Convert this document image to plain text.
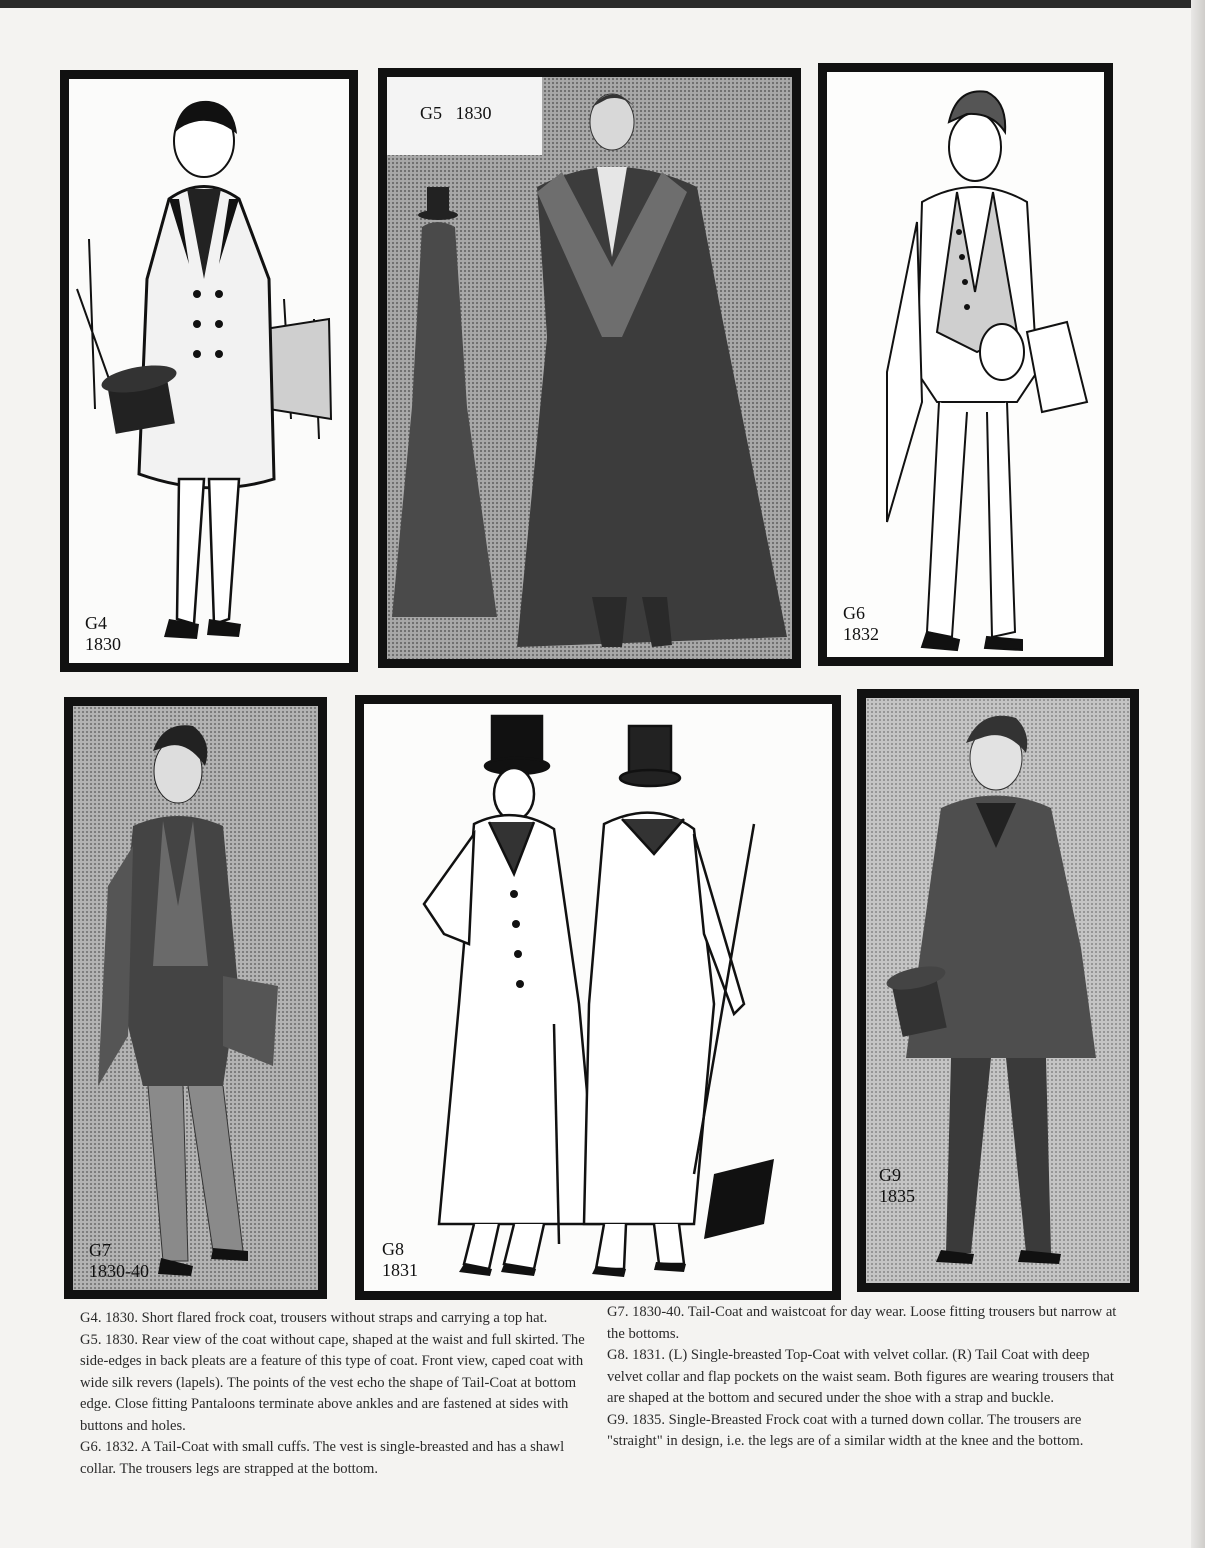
G4
1830
G5 1830
G6
1832
G7
1830-40
G8
1831
G9
1835

G4. 1830. Short flared frock coat, trousers without straps and carrying a top hat.

G5. 1830. Rear view of the coat without cape, shaped at the waist and full skirted. The side-edges in back pleats are a feature of this type of coat. Front view, caped coat with wide silk revers (lapels). The points of the vest echo the shape of Tail-Coat at bottom edge. Close fitting Pantaloons terminate above ankles and are fastened at sides with buttons and holes.

G6. 1832. A Tail-Coat with small cuffs. The vest is single-breasted and has a shawl collar. The trousers legs are strapped at the bottom.

G7. 1830-40. Tail-Coat and waistcoat for day wear. Loose fitting trousers but narrow at the bottoms.

G8. 1831. (L) Single-breasted Top-Coat with velvet collar. (R) Tail Coat with deep velvet collar and flap pockets on the waist seam. Both figures are wearing trousers that are shaped at the bottom and secured under the shoe with a strap and buckle.

G9. 1835. Single-Breasted Frock coat with a turned down collar. The trousers are "straight" in design, i.e. the legs are of a similar width at the knee and the bottom.
